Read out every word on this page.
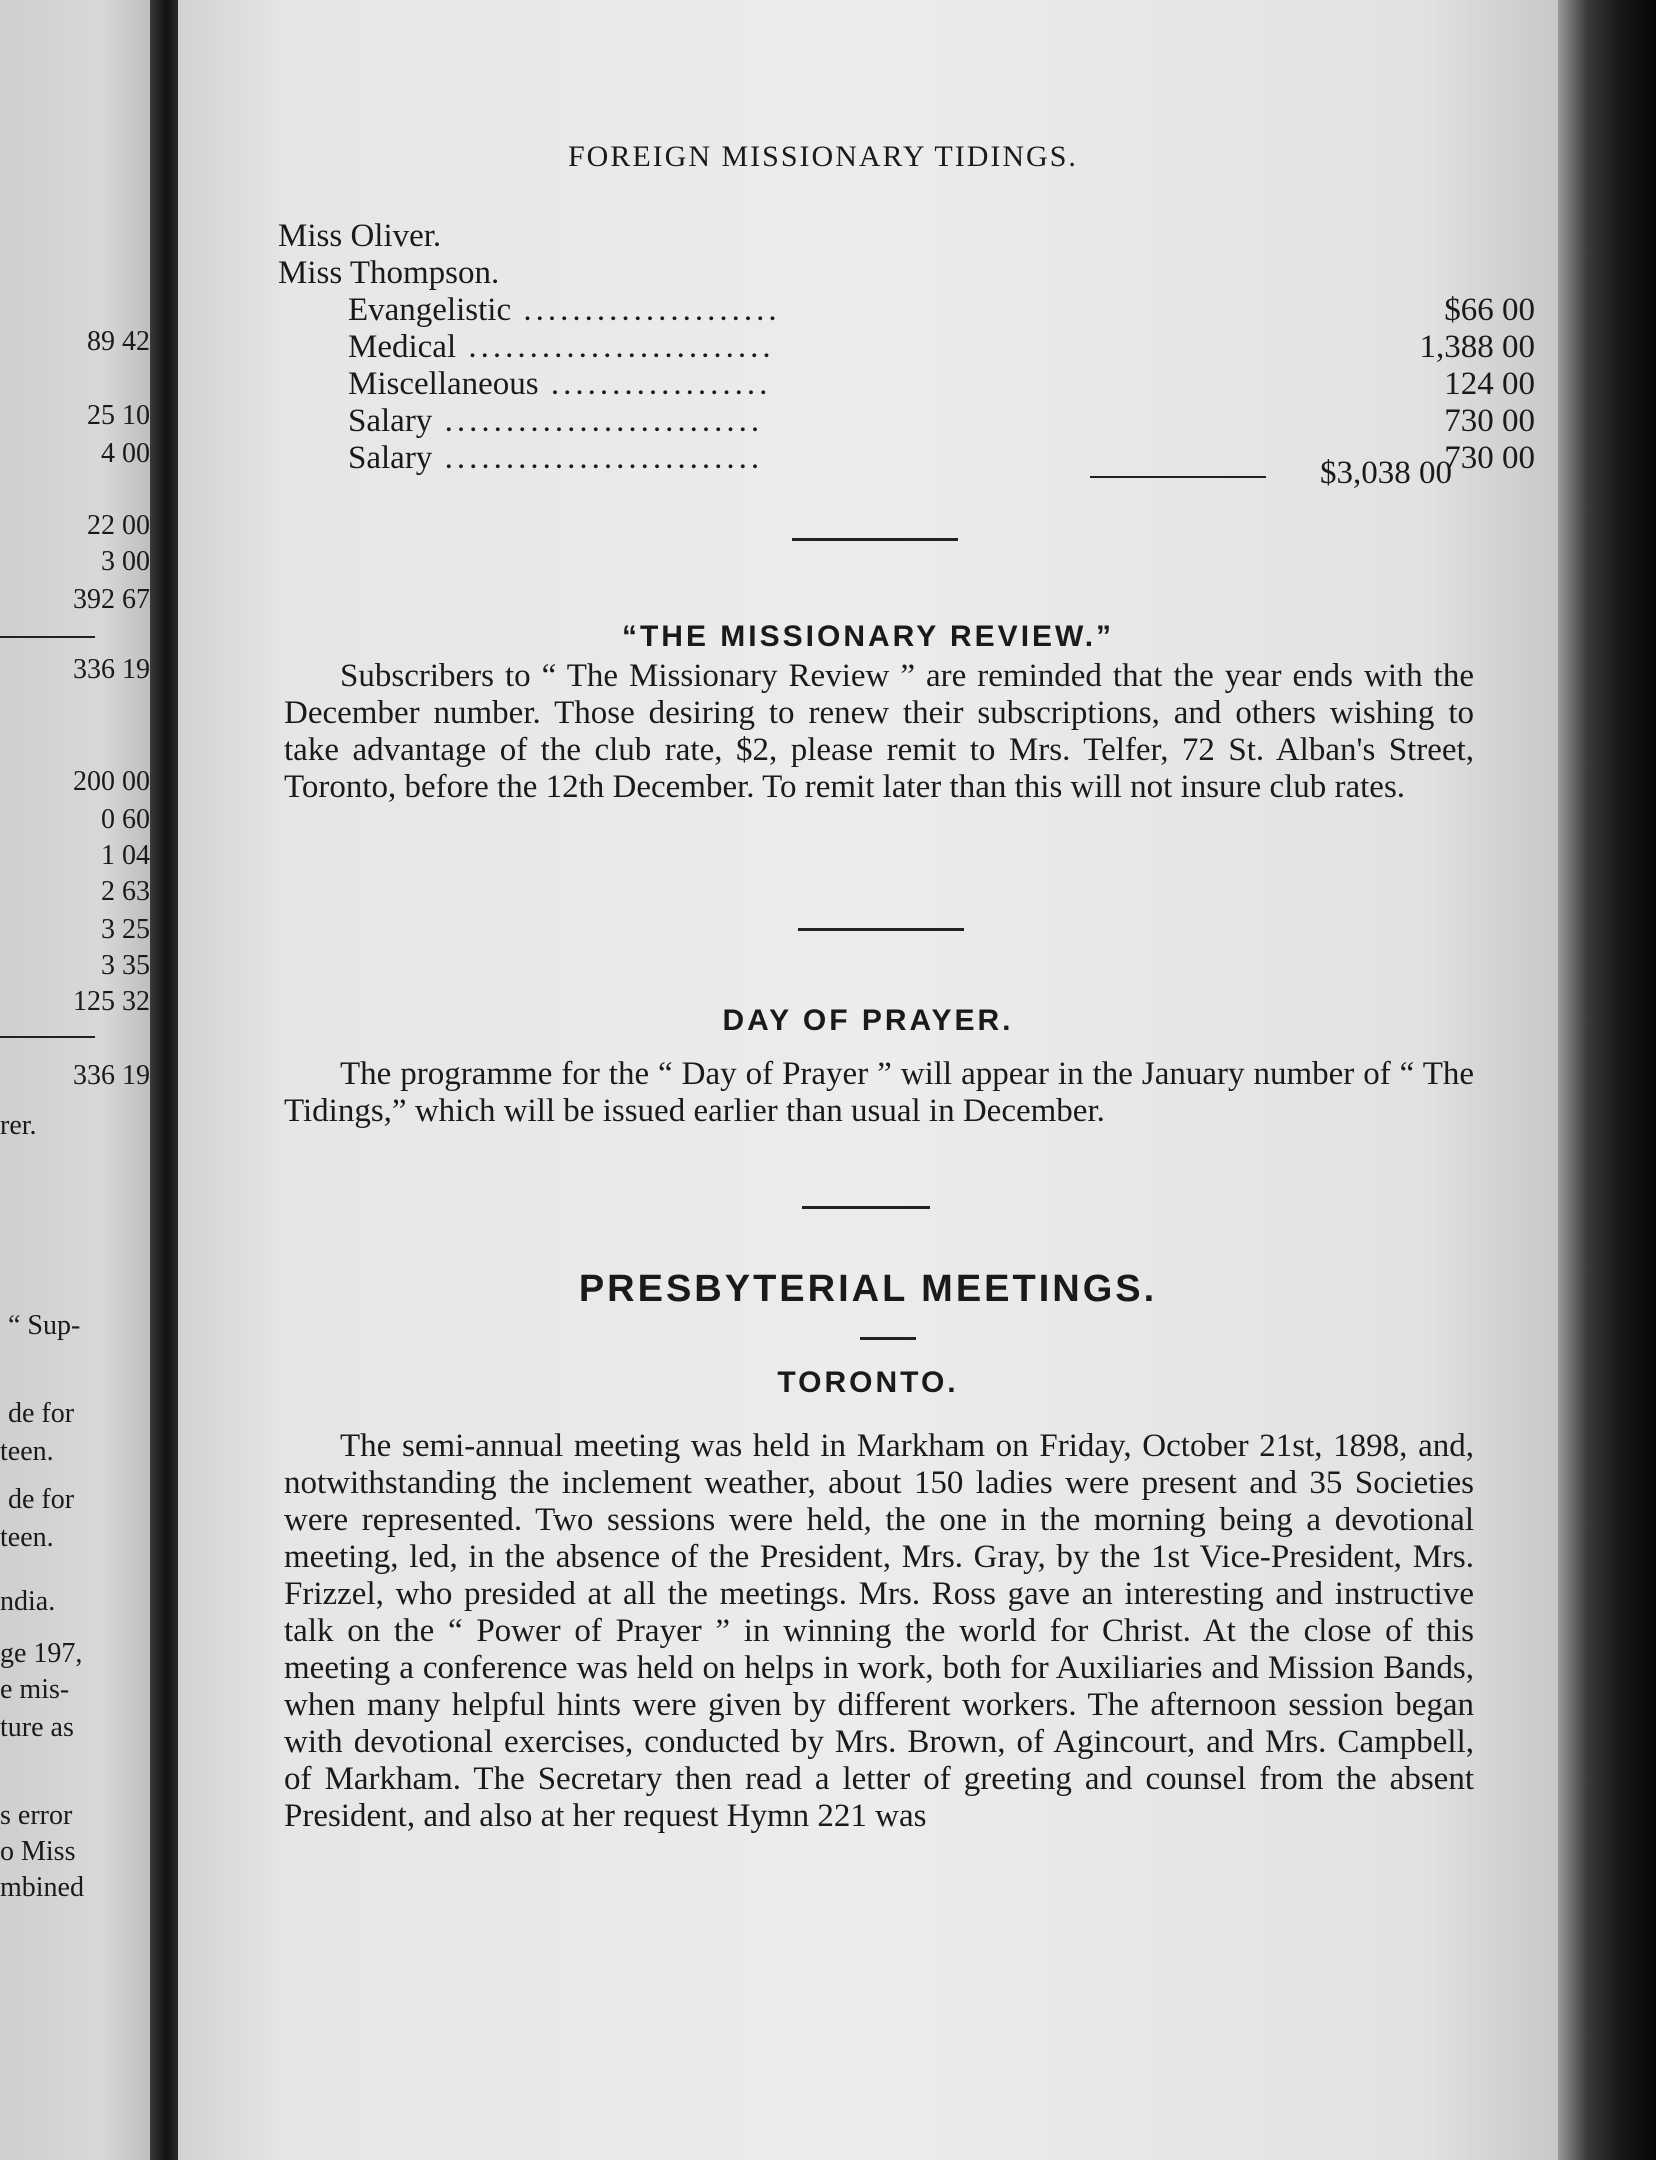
89 42
25 10
4 00
22 00
3 00
392 67
336 19
200 00
0 60
1 04
2 63
3 25
3 35
125 32
336 19
rer.
“ Sup-
de for
teen.
de for
teen.
ndia.
ge 197,
e mis-
ture as
s error
o Miss
mbined
FOREIGN MISSIONARY TIDINGS.
Miss Oliver.
Miss Thompson.
Evangelistic .....................	$66 00
Medical .........................	1,388 00
Miscellaneous ..................	124 00
Salary ..........................	730 00
Salary ..........................	730 00
$3,038 00
“THE MISSIONARY REVIEW.”
Subscribers to “ The Missionary Review ” are reminded that the year ends with the December number. Those desiring to renew their subscriptions, and others wishing to take advantage of the club rate, $2, please remit to Mrs. Telfer, 72 St. Alban's Street, Toronto, before the 12th December. To remit later than this will not insure club rates.
DAY OF PRAYER.
The programme for the “ Day of Prayer ” will appear in the January number of “ The Tidings,” which will be issued earlier than usual in December.
PRESBYTERIAL MEETINGS.
TORONTO.
The semi-annual meeting was held in Markham on Friday, October 21st, 1898, and, notwithstanding the inclement weather, about 150 ladies were present and 35 Societies were represented. Two sessions were held, the one in the morning being a devotional meeting, led, in the absence of the President, Mrs. Gray, by the 1st Vice-President, Mrs. Frizzel, who presided at all the meetings. Mrs. Ross gave an interesting and instructive talk on the “ Power of Prayer ” in winning the world for Christ. At the close of this meeting a conference was held on helps in work, both for Auxiliaries and Mission Bands, when many helpful hints were given by different workers. The afternoon session began with devotional exercises, conducted by Mrs. Brown, of Agincourt, and Mrs. Campbell, of Markham. The Secretary then read a letter of greeting and counsel from the absent President, and also at her request Hymn 221 was
